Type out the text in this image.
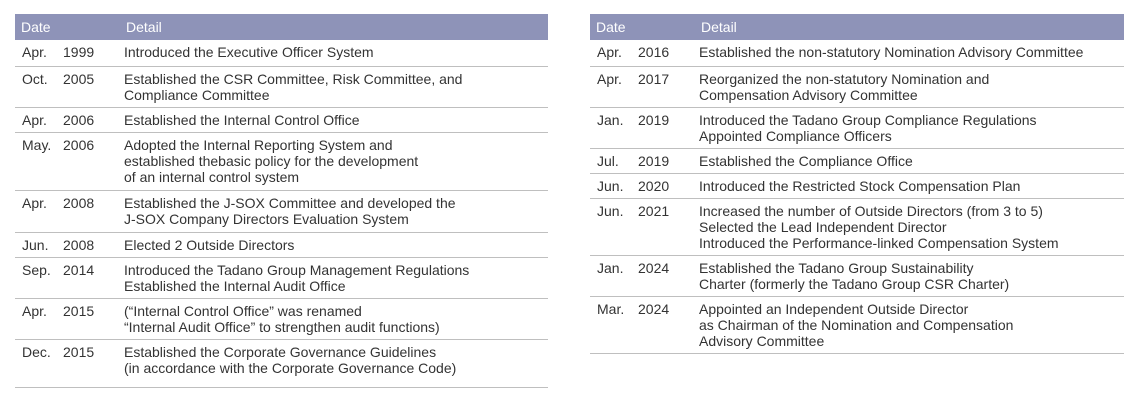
Date	Detail
Apr.	1999	Introduced the Executive Officer System
Oct.	2005	Established the CSR Committee, Risk Committee, and
Compliance Committee
Apr.	2006	Established the Internal Control Office
May. 2006	Adopted the Internal Reporting System and
established thebasic policy for the development
of an internal control system
Apr.	2008	Established the J-SOX Committee and developed the
J-SOX Company Directors Evaluation System
Jun.	2008	Elected 2 Outside Directors
Sep. 2014	Introduced the Tadano Group Management Regulations
Established the Internal Audit Office
Apr.	2015	(“Internal Control Office” was renamed
“Internal Audit Office” to strengthen audit functions)
Dec. 2015	Established the Corporate Governance Guidelines
(in accordance with the Corporate Governance Code)
Date	Detail
Apr.	2016	Established the non-statutory Nomination Advisory Committee
Apr.	2017	Reorganized the non-statutory Nomination and
Compensation Advisory Committee
Jan.	2019	Introduced the Tadano Group Compliance Regulations
Appointed Compliance Officers
Jul.	2019	Established the Compliance Office
Jun.	2020	Introduced the Restricted Stock Compensation Plan
Jun.	2021	Increased the number of Outside Directors (from 3 to 5)
Selected the Lead Independent Director
Introduced the Performance-linked Compensation System
Jan.	2024	Established the Tadano Group Sustainability
Charter (formerly the Tadano Group CSR Charter)
Mar. 2024	Appointed an Independent Outside Director
as Chairman of the Nomination and Compensation
Advisory Committee
